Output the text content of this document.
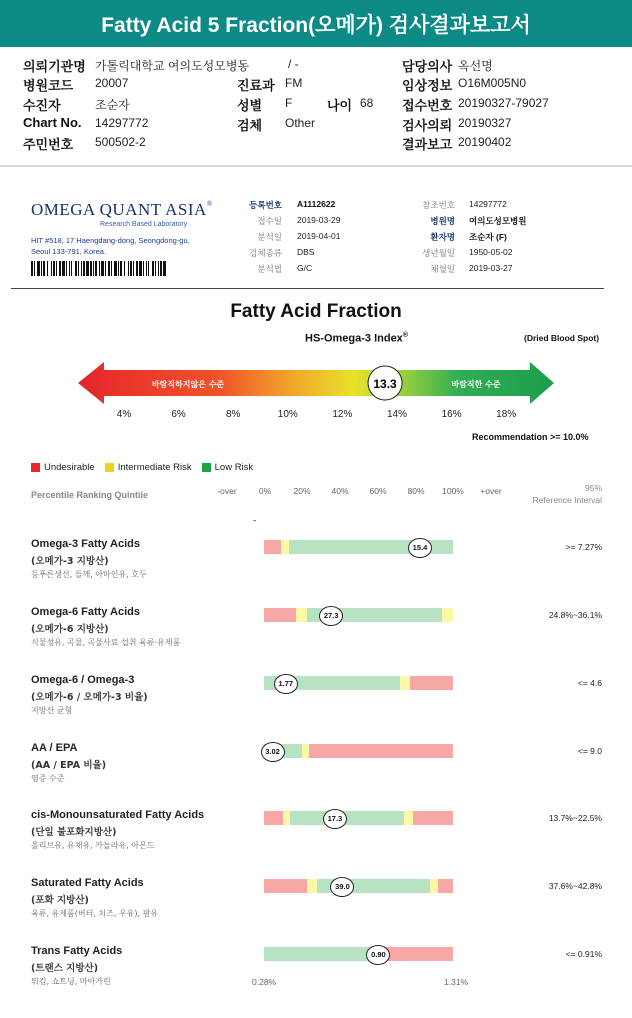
Fatty Acid 5 Fraction(오메가) 검사결과보고서
의뢰기관명 가톨릭대학교 여의도성모병동
병원코드 20007
수진자	조순자
Chart No. 14297772
주민번호 500502-2
/ -
진료과 FM
성별 F
검체 Other
나이 68
담당의사 옥선명
임상정보 O16M005N0
접수번호 20190327-79027
검사의뢰 20190327
결과보고 20190402
OMEGA QUANT ASIA®
Research Based Laboratory
HIT #518, 17 Haengdang-dong, Seongdong-gu,
Seoul 133-791, Korea.
등록번호 A1112622
접수일 2019-03-29
분석일 2019-04-01
검체종류 DBS
분석법 G/C
참조번호 14297772
병원명 여의도성모병원
환자명 조순자 (F)
생년월일 1950-05-02
채혈일 2019-03-27
Fatty Acid Fraction
HS-Omega-3 Index®	(Dried Blood Spot)
바람직하지않은 수준	바람직한 수준
13.3
4%	6%	8%	10%	12%	14%	16%	18%
Recommendation >= 10.0%
Undesirable Intermediate Risk Low Risk
Percentile Ranking Quintile	-over	0%	20%	40%	60%	80%	100%	+over	95%
Reference Interval
-
Omega-3 Fatty Acids
(오메가-3 지방산)
등푸른생선, 들깨, 아마인유, 호두
>= 7.27%
15.4
Omega-6 Fatty Acids
(오메가-6 지방산)
식물성유, 곡물, 곡물사료 섭취 육류·유제품
24.8%~36.1%
27.3
Omega-6 / Omega-3
(오메가-6 / 오메가-3 비율)
지방산 균형
<= 4.6
1.77
AA / EPA
(AA / EPA 비율)
염증 수준
<= 9.0
3.02
cis-Monounsaturated Fatty Acids
(단일 불포화지방산)
올리브유, 유채유, 카놀라유, 아몬드
13.7%~22.5%
17.3
Saturated Fatty Acids
(포화 지방산)
육류, 유제품(버터, 치즈, 우유), 팜유
37.6%~42.8%
39.0
Trans Fatty Acids
(트랜스 지방산)
튀김, 쇼트닝, 마아가린
<= 0.91%
0.90
0.28%	1.31%
